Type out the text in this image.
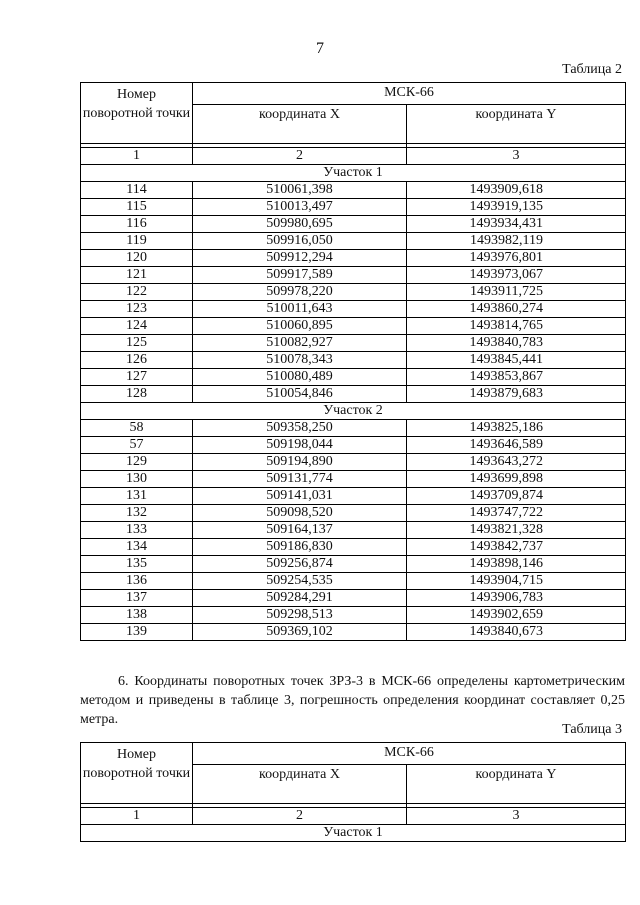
7
Таблица 2
Номер поворотной точки	МСК-66	
	координата X	координата Y

1	2	3
Участок 1		
114	510061,398	1493909,618
115	510013,497	1493919,135
116	509980,695	1493934,431
119	509916,050	1493982,119
120	509912,294	1493976,801
121	509917,589	1493973,067
122	509978,220	1493911,725
123	510011,643	1493860,274
124	510060,895	1493814,765
125	510082,927	1493840,783
126	510078,343	1493845,441
127	510080,489	1493853,867
128	510054,846	1493879,683
Участок 2		
58	509358,250	1493825,186
57	509198,044	1493646,589
129	509194,890	1493643,272
130	509131,774	1493699,898
131	509141,031	1493709,874
132	509098,520	1493747,722
133	509164,137	1493821,328
134	509186,830	1493842,737
135	509256,874	1493898,146
136	509254,535	1493904,715
137	509284,291	1493906,783
138	509298,513	1493902,659
139	509369,102	1493840,673
6. Координаты поворотных точек ЗРЗ-3 в МСК-66 определены картометрическим методом и приведены в таблице 3, погрешность определения координат составляет 0,25 метра.
Таблица 3
Номер поворотной точки	МСК-66	
	координата X	координата Y

1	2	3
Участок 1		
